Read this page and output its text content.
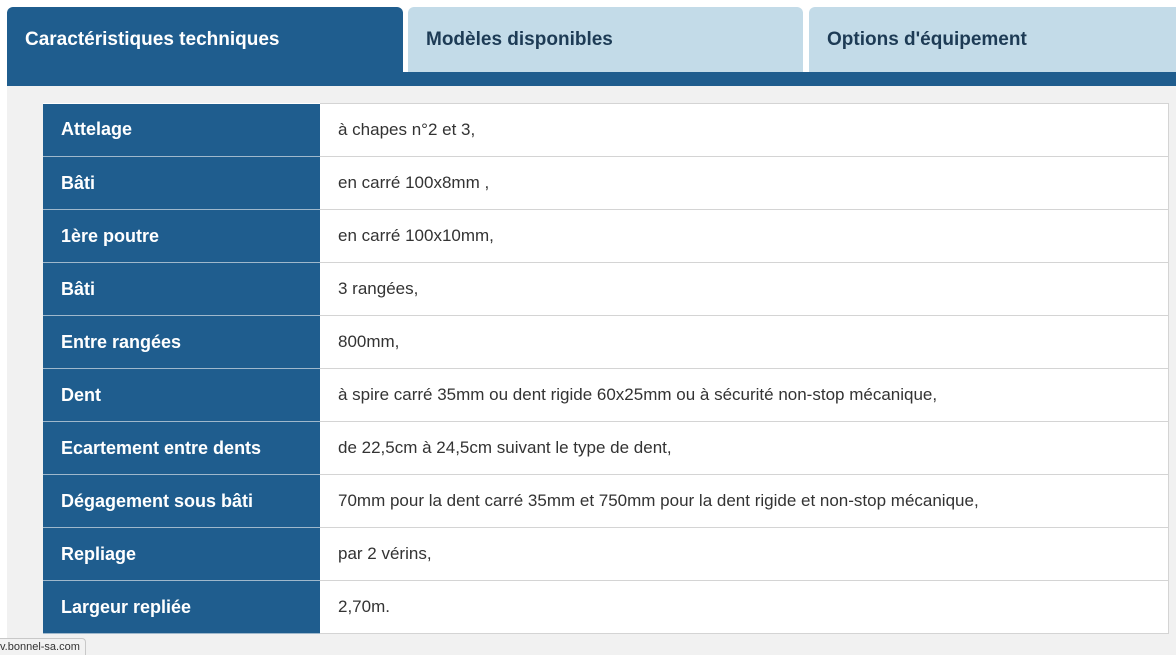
Caractéristiques techniques	Modèles disponibles	Options d'équipement
Attelage	à chapes n°2 et 3,
Bâti	en carré 100x8mm ,
1ère poutre	en carré 100x10mm,
Bâti	3 rangées,
Entre rangées	800mm,
Dent	à spire carré 35mm ou dent rigide 60x25mm ou à sécurité non-stop mécanique,
Ecartement entre dents	de 22,5cm à 24,5cm suivant le type de dent,
Dégagement sous bâti	70mm pour la dent carré 35mm et 750mm pour la dent rigide et non-stop mécanique,
Repliage	par 2 vérins,
Largeur repliée	2,70m.
v.bonnel-sa.com
